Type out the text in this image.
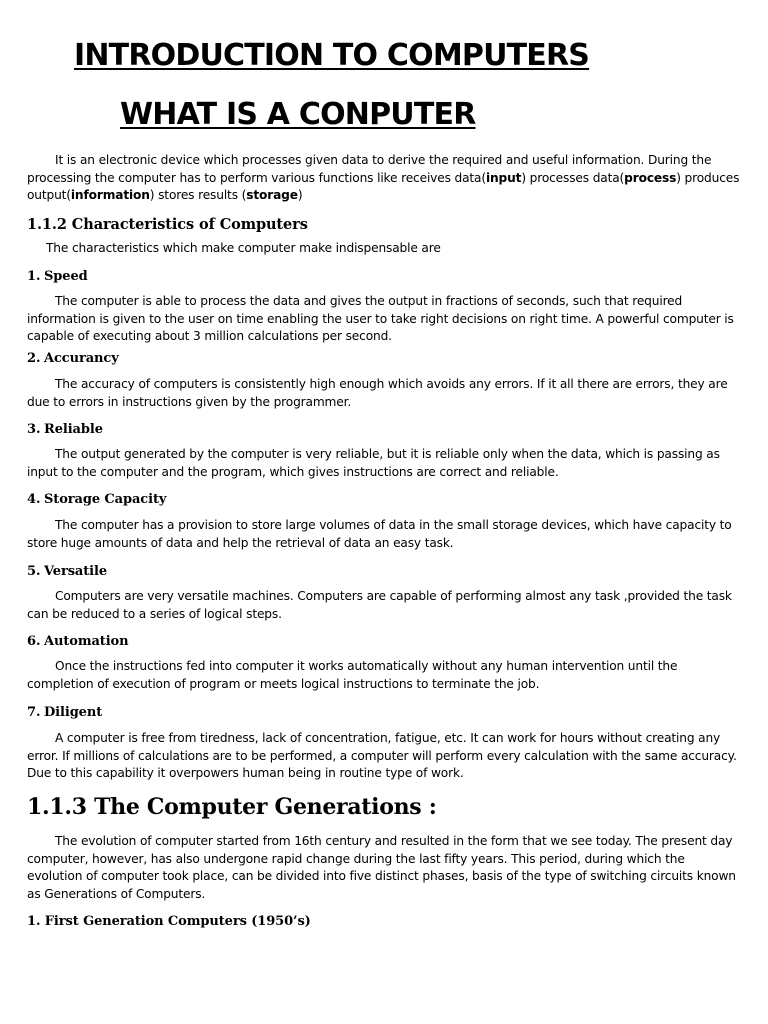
INTRODUCTION TO COMPUTERS
WHAT IS A CONPUTER

It is an electronic device which processes given data to derive the required and useful information. During the processing the computer has to perform various functions like receives data(input) processes data(process) produces output(information) stores results (storage)

1.1.2 Characteristics of Computers

The characteristics which make computer make indispensable are

1. Speed

The computer is able to process the data and gives the output in fractions of seconds, such that required information is given to the user on time enabling the user to take right decisions on right time. A powerful computer is capable of executing about 3 million calculations per second.

2. Accurancy

The accuracy of computers is consistently high enough which avoids any errors. If it all there are errors, they are due to errors in instructions given by the programmer.

3. Reliable

The output generated by the computer is very reliable, but it is reliable only when the data, which is passing as input to the computer and the program, which gives instructions are correct and reliable.

4. Storage Capacity

The computer has a provision to store large volumes of data in the small storage devices, which have capacity to store huge amounts of data and help the retrieval of data an easy task.

5. Versatile

Computers are very versatile machines. Computers are capable of performing almost any task ,provided the task can be reduced to a series of logical steps.

6. Automation

Once the instructions fed into computer it works automatically without any human intervention until the completion of execution of program or meets logical instructions to terminate the job.

7. Diligent

A computer is free from tiredness, lack of concentration, fatigue, etc. It can work for hours without creating any error. If millions of calculations are to be performed, a computer will perform every calculation with the same accuracy.

Due to this capability it overpowers human being in routine type of work.

1.1.3 The Computer Generations :

The evolution of computer started from 16th century and resulted in the form that we see today. The present day computer, however, has also undergone rapid change during the last fifty years. This period, during which the evolution of computer took place, can be divided into five distinct phases, basis of the type of switching circuits known as Generations of Computers.

1. First Generation Computers (1950’s)
